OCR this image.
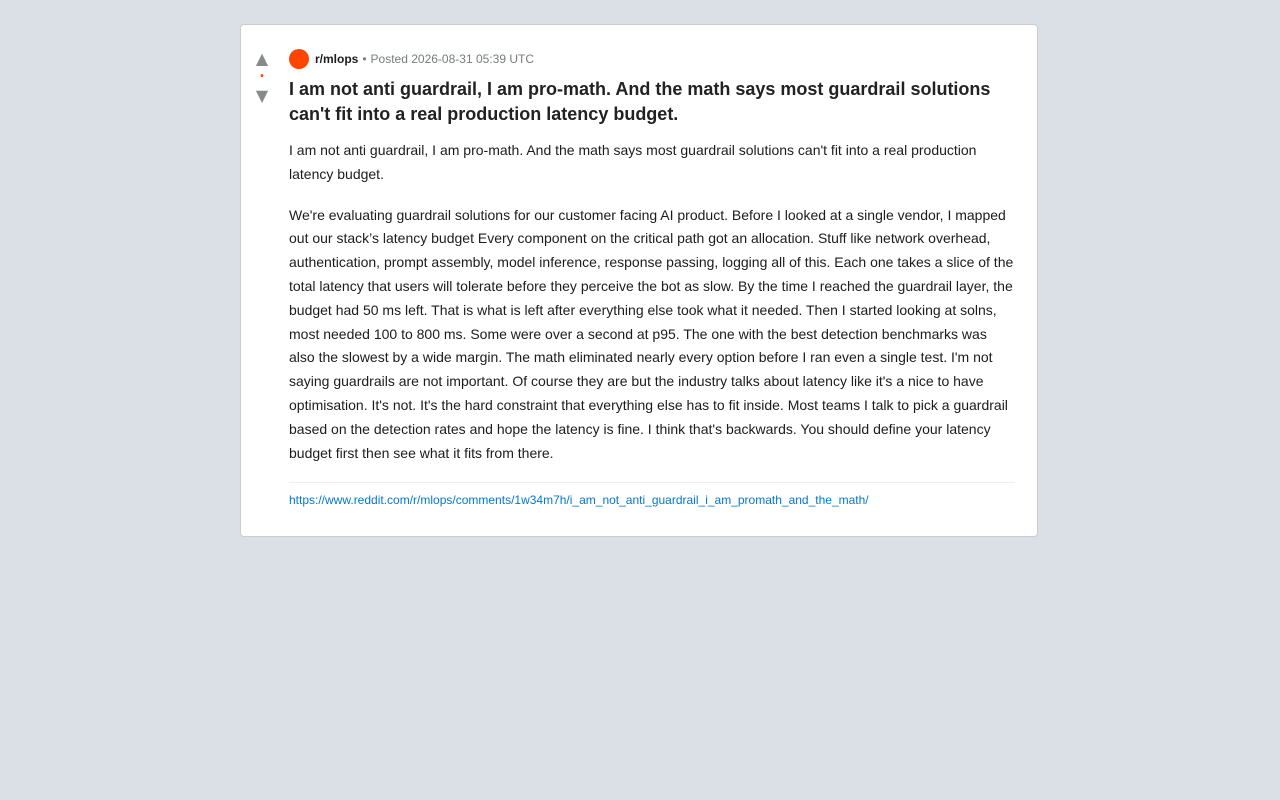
▲
•
▼
r/mlops • Posted 2026-08-31 05:39 UTC
I am not anti guardrail, I am pro-math. And the math says most guardrail solutions can't fit into a real production latency budget.

I am not anti guardrail, I am pro-math. And the math says most guardrail solutions can't fit into a real production latency budget.

We're evaluating guardrail solutions for our customer facing AI product. Before I looked at a single vendor, I mapped out our stack’s latency budget Every component on the critical path got an allocation. Stuff like network overhead, authentication, prompt assembly, model inference, response passing, logging all of this. Each one takes a slice of the total latency that users will tolerate before they perceive the bot as slow. By the time I reached the guardrail layer, the budget had 50 ms left. That is what is left after everything else took what it needed. Then I started looking at solns, most needed 100 to 800 ms. Some were over a second at p95. The one with the best detection benchmarks was also the slowest by a wide margin. The math eliminated nearly every option before I ran even a single test. I'm not saying guardrails are not important. Of course they are but the industry talks about latency like it's a nice to have optimisation. It's not. It's the hard constraint that everything else has to fit inside. Most teams I talk to pick a guardrail based on the detection rates and hope the latency is fine. I think that's backwards. You should define your latency budget first then see what it fits from there.

https://www.reddit.com/r/mlops/comments/1w34m7h/i_am_not_anti_guardrail_i_am_promath_and_the_math/
